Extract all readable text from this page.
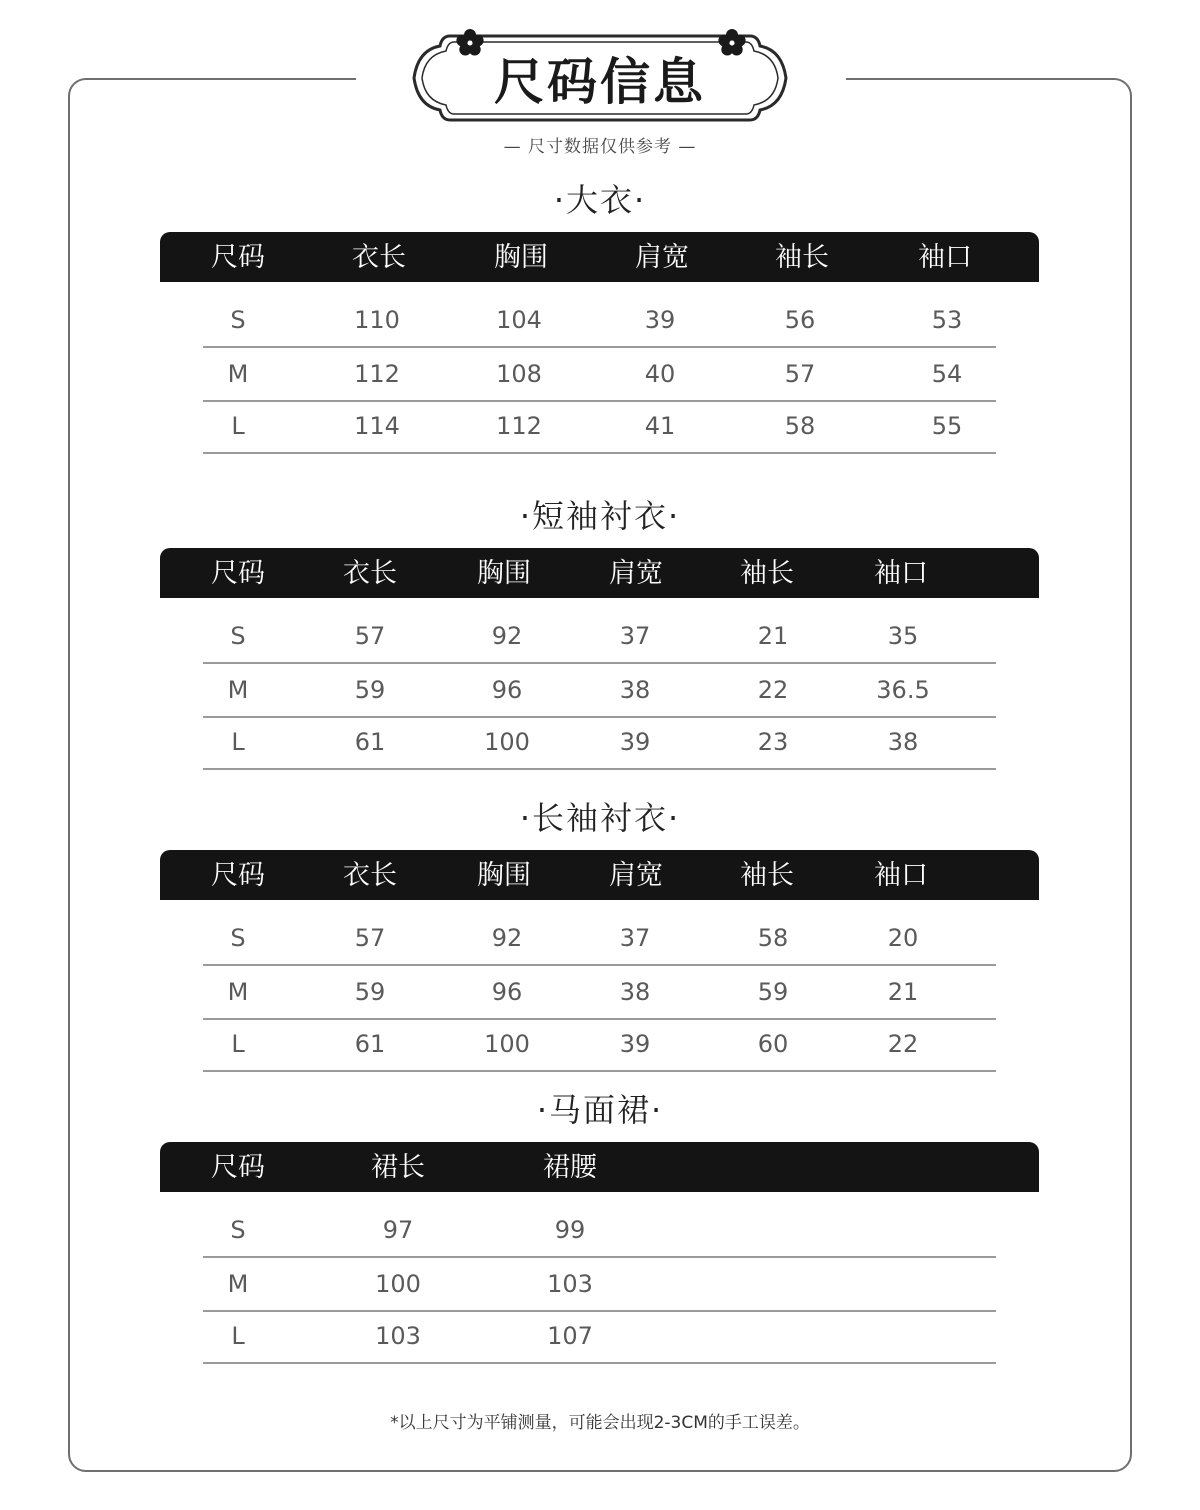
尺码信息
— 尺寸数据仅供参考 —
·大衣·
尺码	衣长	胸围	肩宽	袖长	袖口
S	110	104	39	56	53
M	112	108	40	57	54
L	114	112	41	58	55
·短袖衬衣·
尺码	衣长	胸围	肩宽	袖长	袖口
S	57	92	37	21	35
M	59	96	38	22	36.5
L	61	100	39	23	38
·长袖衬衣·
尺码	衣长	胸围	肩宽	袖长	袖口
S	57	92	37	58	20
M	59	96	38	59	21
L	61	100	39	60	22
·马面裙·
尺码	裙长	裙腰
S	97	99
M	100	103
L	103	107
*以上尺寸为平铺测量，可能会出现2-3CM的手工误差。
